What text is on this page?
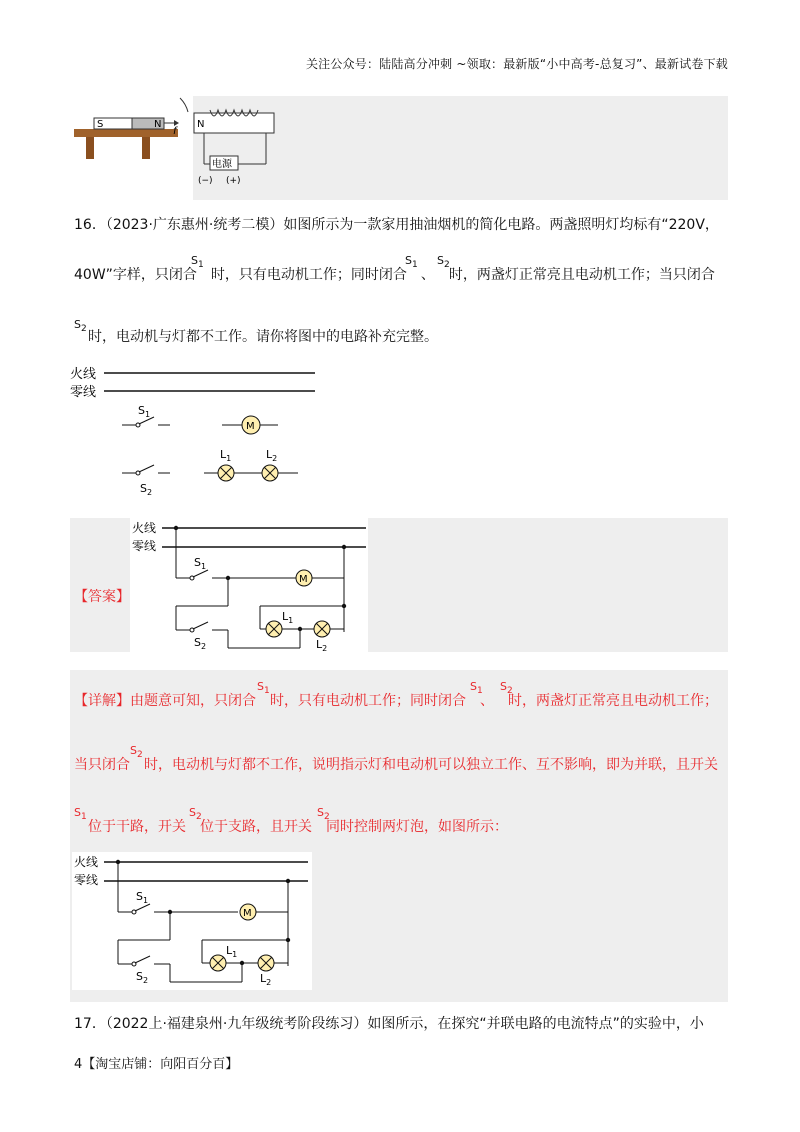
关注公众号：陆陆高分冲刺 ~领取：最新版“小中高考-总复习”、最新试卷下载
S	N
f
N
电源
(−) (+)
16．（2023·广东惠州·统考二模）如图所示为一款家用抽油烟机的简化电路。两盏照明灯均标有“220V，
40W”字样，只闭合 时，只有电动机工作；同时闭合 、 时，两盏灯正常亮且电动机工作；当只闭合
$S_1$	$S_1$ $S_2$
$S_2$ 时，电动机与灯都不工作。请你将图中的电路补充完整。
火线
零线
$S_1$
M
$S_2$
$L_1$	$L_2$
【答案】
火线
零线
$S_1$
M
$S_2$
$L_1$
$L_2$
【详解】由题意可知，只闭合 时，只有电动机工作；同时闭合 、 时，两盏灯正常亮且电动机工作；
$S_1$	$S_1$ $S_2$
当只闭合 时，电动机与灯都不工作，说明指示灯和电动机可以独立工作、互不影响，即为并联，且开关
$S_2$
$S_1$
位于干路，开关 位于支路，且开关 同时控制两灯泡，如图所示：
$S_2$	$S_2$
火线
零线
$S_1$
M
$S_2$
$L_1$
$L_2$
17．（2022上·福建泉州·九年级统考阶段练习）如图所示，在探究“并联电路的电流特点”的实验中，小
4【淘宝店铺：向阳百分百】
